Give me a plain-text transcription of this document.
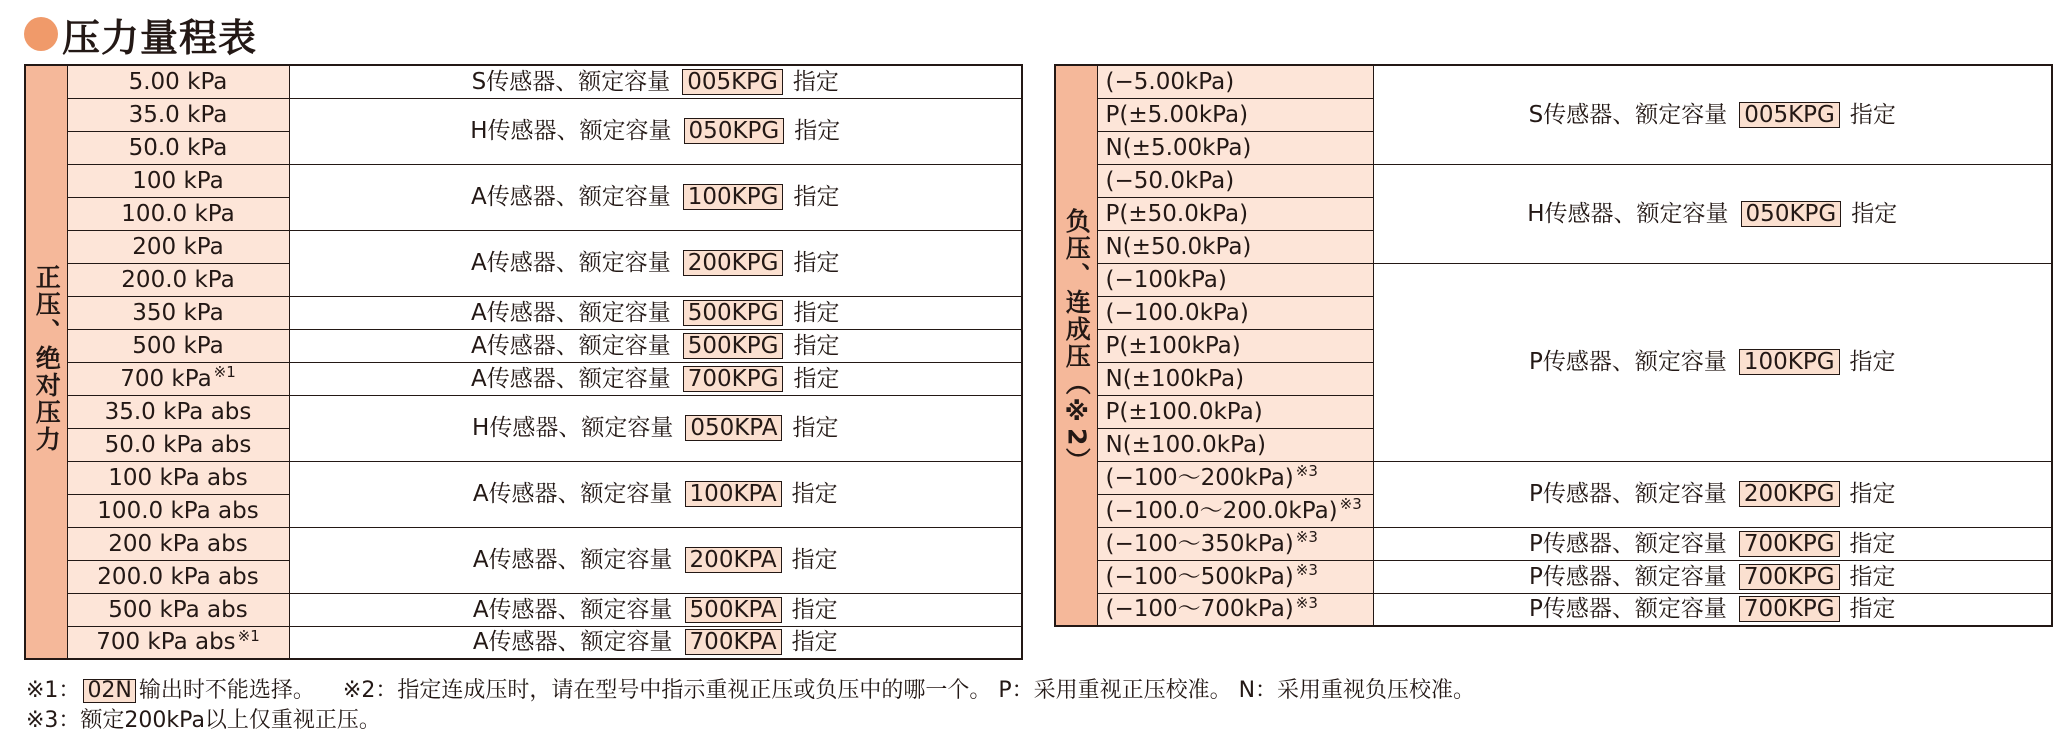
压力量程表
正压、绝对压力	5.00 kPa	S传感器、额定容量 005KPG 指定
	35.0 kPa	H传感器、额定容量 050KPG 指定
	50.0 kPa	
	100 kPa	A传感器、额定容量 100KPG 指定
	100.0 kPa	
	200 kPa	A传感器、额定容量 200KPG 指定
	200.0 kPa	
	350 kPa	A传感器、额定容量 500KPG 指定
	500 kPa	A传感器、额定容量 500KPG 指定
	700 kPa $^{※1}$	A传感器、额定容量 700KPG 指定
	35.0 kPa abs	H传感器、额定容量 050KPA 指定
	50.0 kPa abs	
	100 kPa abs	A传感器、额定容量 100KPA 指定
	100.0 kPa abs	
	200 kPa abs	A传感器、额定容量 200KPA 指定
	200.0 kPa abs	
	500 kPa abs	A传感器、额定容量 500KPA 指定
	700 kPa abs $^{※1}$	A传感器、额定容量 700KPA 指定
负压、连成压（※2）	(−5.00kPa)	S传感器、额定容量 005KPG 指定
	P(±5.00kPa)	
	N(±5.00kPa)	
	(−50.0kPa)	H传感器、额定容量 050KPG 指定
	P(±50.0kPa)	
	N(±50.0kPa)	
	(−100kPa)	P传感器、额定容量 100KPG 指定
	(−100.0kPa)	
	P(±100kPa)	
	N(±100kPa)	
	P(±100.0kPa)	
	N(±100.0kPa)	
	(−100～200kPa) $^{※3}$	P传感器、额定容量 200KPG 指定
	(−100.0～200.0kPa) $^{※3}$
	(−100～350kPa) $^{※3}$	P传感器、额定容量 700KPG 指定
	(−100～500kPa) $^{※3}$	P传感器、额定容量 700KPG 指定
	(−100～700kPa) $^{※3}$	P传感器、额定容量 700KPG 指定
※1： 02N 输出时不能选择。 ※2：指定连成压时，请在型号中指示重视正压或负压中的哪一个。 P：采用重视正压校准。 N：采用重视负压校准。
※3：额定200kPa以上仅重视正压。
